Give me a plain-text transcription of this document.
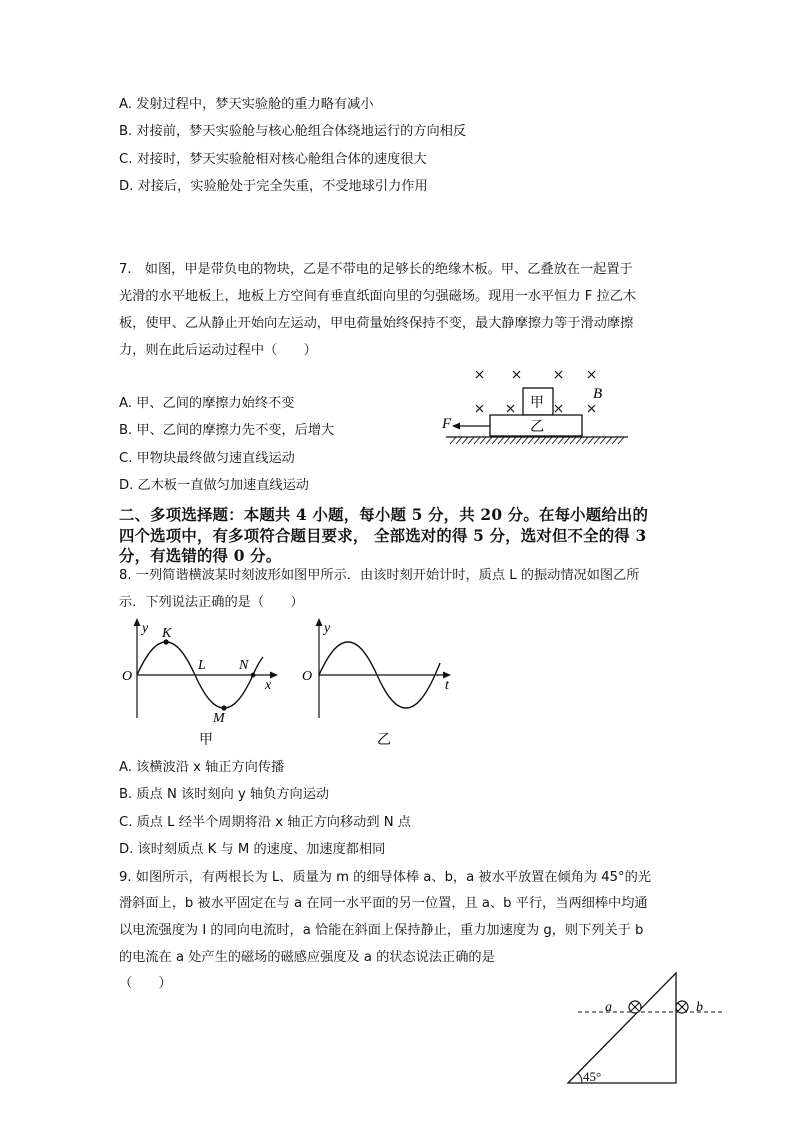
A. 发射过程中，梦天实验舱的重力略有减小
B. 对接前，梦天实验舱与核心舱组合体绕地运行的方向相反
C. 对接时，梦天实验舱相对核心舱组合体的速度很大
D. 对接后，实验舱处于完全失重，不受地球引力作用
7.　如图，甲是带负电的物块，乙是不带电的足够长的绝缘木板。甲、乙叠放在一起置于
光滑的水平地板上，地板上方空间有垂直纸面向里的匀强磁场。现用一水平恒力 F 拉乙木
板，使甲、乙从静止开始向左运动，甲电荷量始终保持不变，最大静摩擦力等于滑动摩擦
力，则在此后运动过程中（　　）
A. 甲、乙间的摩擦力始终不变
B. 甲、乙间的摩擦力先不变，后增大
C. 甲物块最终做匀速直线运动
D. 乙木板一直做匀加速直线运动
B
甲
乙
F
二、多项选择题：本题共 4 小题，每小题 5 分，共 20 分。在每小题给出的
四个选项中，有多项符合题目要求， 全部选对的得 5 分，选对但不全的得 3
分，有选错的得 0 分。
8. 一列简谐横波某时刻波形如图甲所示．由该时刻开始计时，质点 L 的振动情况如图乙所
示．下列说法正确的是（　　）
y
x
O
K
L
M
N
甲
y
t
O
乙
A. 该横波沿 x 轴正方向传播
B. 质点 N 该时刻向 y 轴负方向运动
C. 质点 L 经半个周期将沿 x 轴正方向移动到 N 点
D. 该时刻质点 K 与 M 的速度、加速度都相同
9. 如图所示，有两根长为 L、质量为 m 的细导体棒 a、b，a 被水平放置在倾角为 45°的光
滑斜面上，b 被水平固定在与 a 在同一水平面的另一位置，且 a、b 平行，当两细棒中均通
以电流强度为 I 的同向电流时，a 恰能在斜面上保持静止，重力加速度为 g，则下列关于 b
的电流在 a 处产生的磁场的磁感应强度及 a 的状态说法正确的是
（　　）
45°
a	b
